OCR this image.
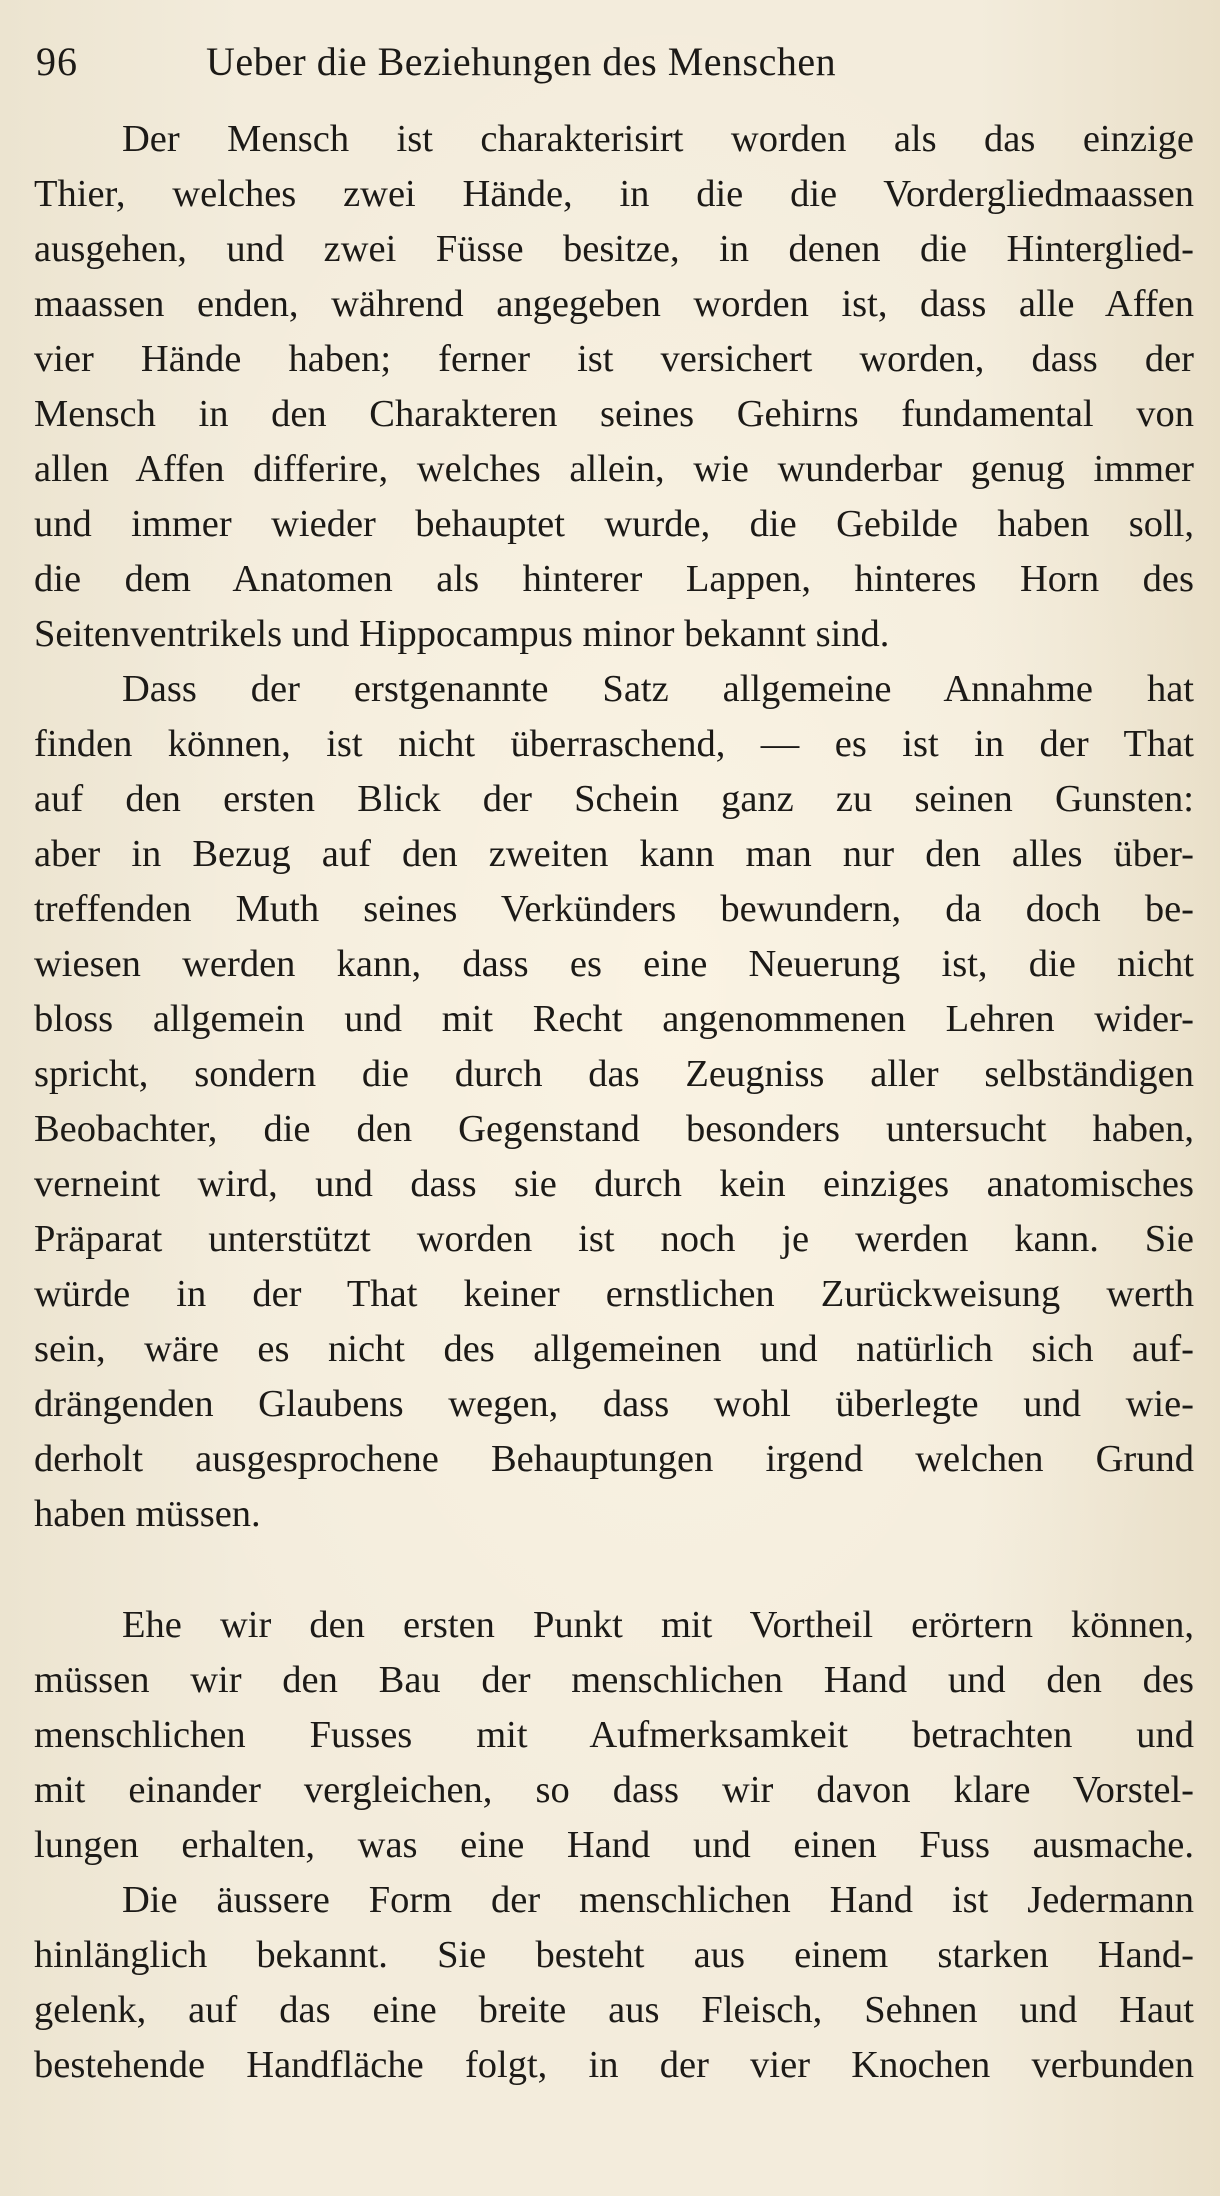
96	Ueber die Beziehungen des Menschen
Der Mensch ist charakterisirt worden als das einzige
Thier, welches zwei Hände, in die die Vordergliedmaassen
ausgehen, und zwei Füsse besitze, in denen die Hinterglied-
maassen enden, während angegeben worden ist, dass alle Affen
vier Hände haben; ferner ist versichert worden, dass der
Mensch in den Charakteren seines Gehirns fundamental von
allen Affen differire, welches allein, wie wunderbar genug immer
und immer wieder behauptet wurde, die Gebilde haben soll,
die dem Anatomen als hinterer Lappen, hinteres Horn des
Seitenventrikels und Hippocampus minor bekannt sind.
Dass der erstgenannte Satz allgemeine Annahme hat
finden können, ist nicht überraschend, — es ist in der That
auf den ersten Blick der Schein ganz zu seinen Gunsten:
aber in Bezug auf den zweiten kann man nur den alles über-
treffenden Muth seines Verkünders bewundern, da doch be-
wiesen werden kann, dass es eine Neuerung ist, die nicht
bloss allgemein und mit Recht angenommenen Lehren wider-
spricht, sondern die durch das Zeugniss aller selbständigen
Beobachter, die den Gegenstand besonders untersucht haben,
verneint wird, und dass sie durch kein einziges anatomisches
Präparat unterstützt worden ist noch je werden kann. Sie
würde in der That keiner ernstlichen Zurückweisung werth
sein, wäre es nicht des allgemeinen und natürlich sich auf-
drängenden Glaubens wegen, dass wohl überlegte und wie-
derholt ausgesprochene Behauptungen irgend welchen Grund
haben müssen.
Ehe wir den ersten Punkt mit Vortheil erörtern können,
müssen wir den Bau der menschlichen Hand und den des
menschlichen Fusses mit Aufmerksamkeit betrachten und
mit einander vergleichen, so dass wir davon klare Vorstel-
lungen erhalten, was eine Hand und einen Fuss ausmache.
Die äussere Form der menschlichen Hand ist Jedermann
hinlänglich bekannt. Sie besteht aus einem starken Hand-
gelenk, auf das eine breite aus Fleisch, Sehnen und Haut
bestehende Handfläche folgt, in der vier Knochen verbunden
